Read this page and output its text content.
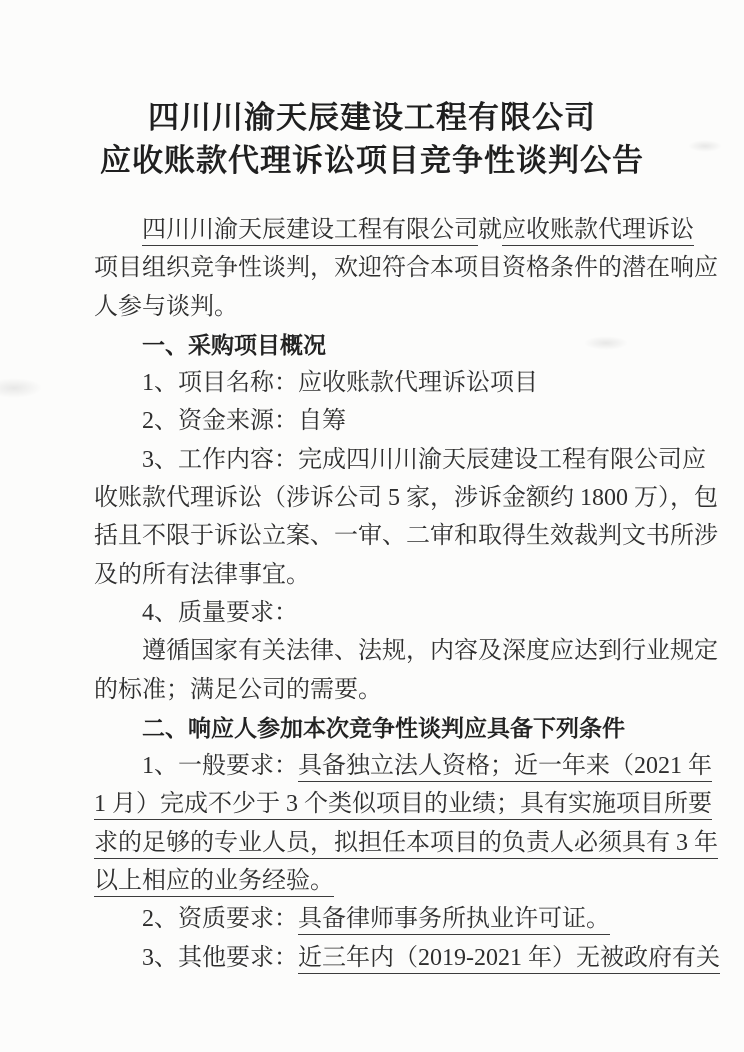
四川川渝天辰建设工程有限公司
应收账款代理诉讼项目竞争性谈判公告
四川川渝天辰建设工程有限公司就应收账款代理诉讼
项目组织竞争性谈判，欢迎符合本项目资格条件的潜在响应
人参与谈判。
一、采购项目概况
1、项目名称：应收账款代理诉讼项目
2、资金来源：自筹
3、工作内容：完成四川川渝天辰建设工程有限公司应
收账款代理诉讼（涉诉公司 5 家，涉诉金额约 1800 万），包
括且不限于诉讼立案、一审、二审和取得生效裁判文书所涉
及的所有法律事宜。
4、质量要求：
遵循国家有关法律、法规，内容及深度应达到行业规定
的标准；满足公司的需要。
二、响应人参加本次竞争性谈判应具备下列条件
1、一般要求：具备独立法人资格；近一年来（2021 年
1 月）完成不少于 3 个类似项目的业绩；具有实施项目所要
求的足够的专业人员，拟担任本项目的负责人必须具有 3 年
以上相应的业务经验。
2、资质要求：具备律师事务所执业许可证。
3、其他要求：近三年内（2019-2021 年）无被政府有关
